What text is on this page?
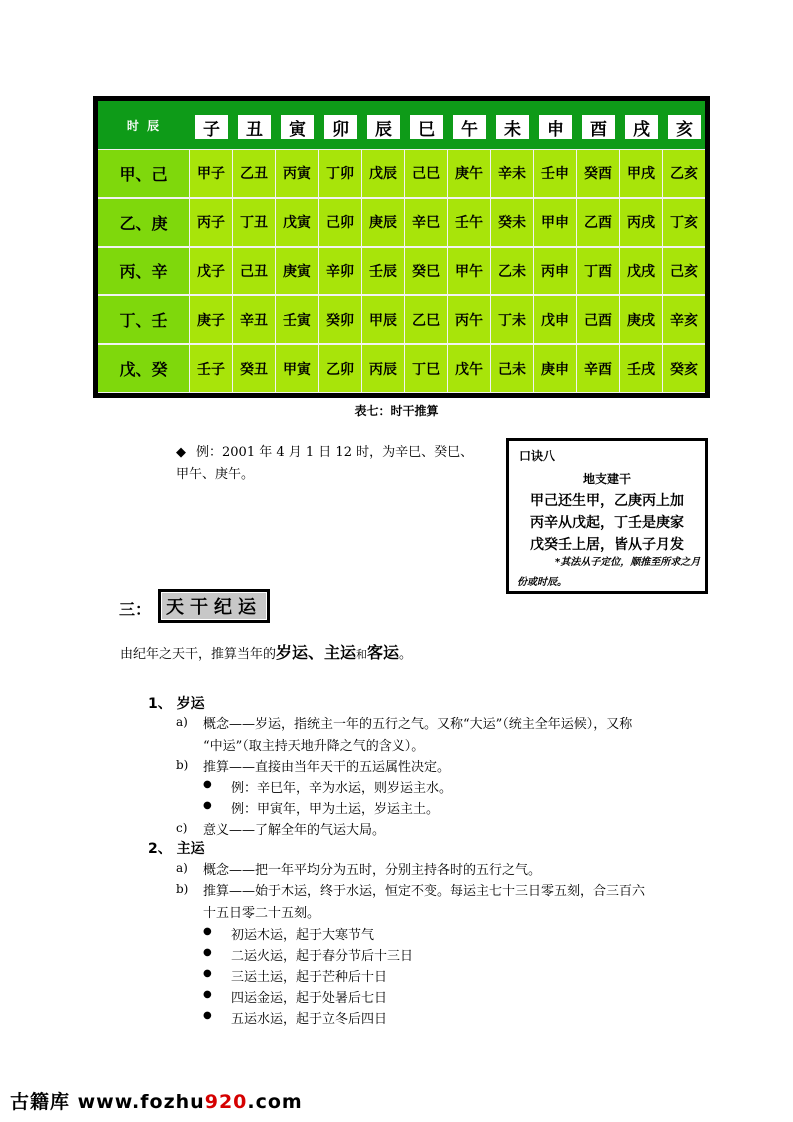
时 辰	子	丑	寅	卯	辰	巳	午	未	申	酉	戌	亥
甲、己	甲子	乙丑	丙寅	丁卯	戊辰	己巳	庚午	辛未	壬申	癸酉	甲戌	乙亥
乙、庚	丙子	丁丑	戊寅	己卯	庚辰	辛巳	壬午	癸未	甲申	乙酉	丙戌	丁亥
丙、辛	戊子	己丑	庚寅	辛卯	壬辰	癸巳	甲午	乙未	丙申	丁酉	戊戌	己亥
丁、壬	庚子	辛丑	壬寅	癸卯	甲辰	乙巳	丙午	丁未	戊申	己酉	庚戌	辛亥
戊、癸	壬子	癸丑	甲寅	乙卯	丙辰	丁巳	戊午	己未	庚申	辛酉	壬戌	癸亥
表七：时干推算
◆ 例：2001 年 4 月 1 日 12 时，为辛巳、癸巳、
甲午、庚午。
口诀八
地支建干
甲己还生甲，乙庚丙上加
丙辛从戊起，丁壬是庚家
戊癸壬上居，皆从子月发
*其法从子定位，顺推至所求之月份或时辰。
三： 天干纪运
由纪年之天干，推算当年的岁运、主运和客运。
1、 岁运
a) 概念——岁运，指统主一年的五行之气。又称“大运”（统主全年运候），又称
“中运”（取主持天地升降之气的含义）。
b) 推算——直接由当年天干的五运属性决定。
● 例：辛巳年，辛为水运，则岁运主水。
● 例：甲寅年，甲为土运，岁运主土。
c) 意义——了解全年的气运大局。
2、 主运
a) 概念——把一年平均分为五时，分别主持各时的五行之气。
b) 推算——始于木运，终于水运，恒定不变。每运主七十三日零五刻，合三百六
十五日零二十五刻。
● 初运木运，起于大寒节气
● 二运火运，起于春分节后十三日
● 三运土运，起于芒种后十日
● 四运金运，起于处暑后七日
● 五运水运，起于立冬后四日
古籍库 www.fozhu920.com
